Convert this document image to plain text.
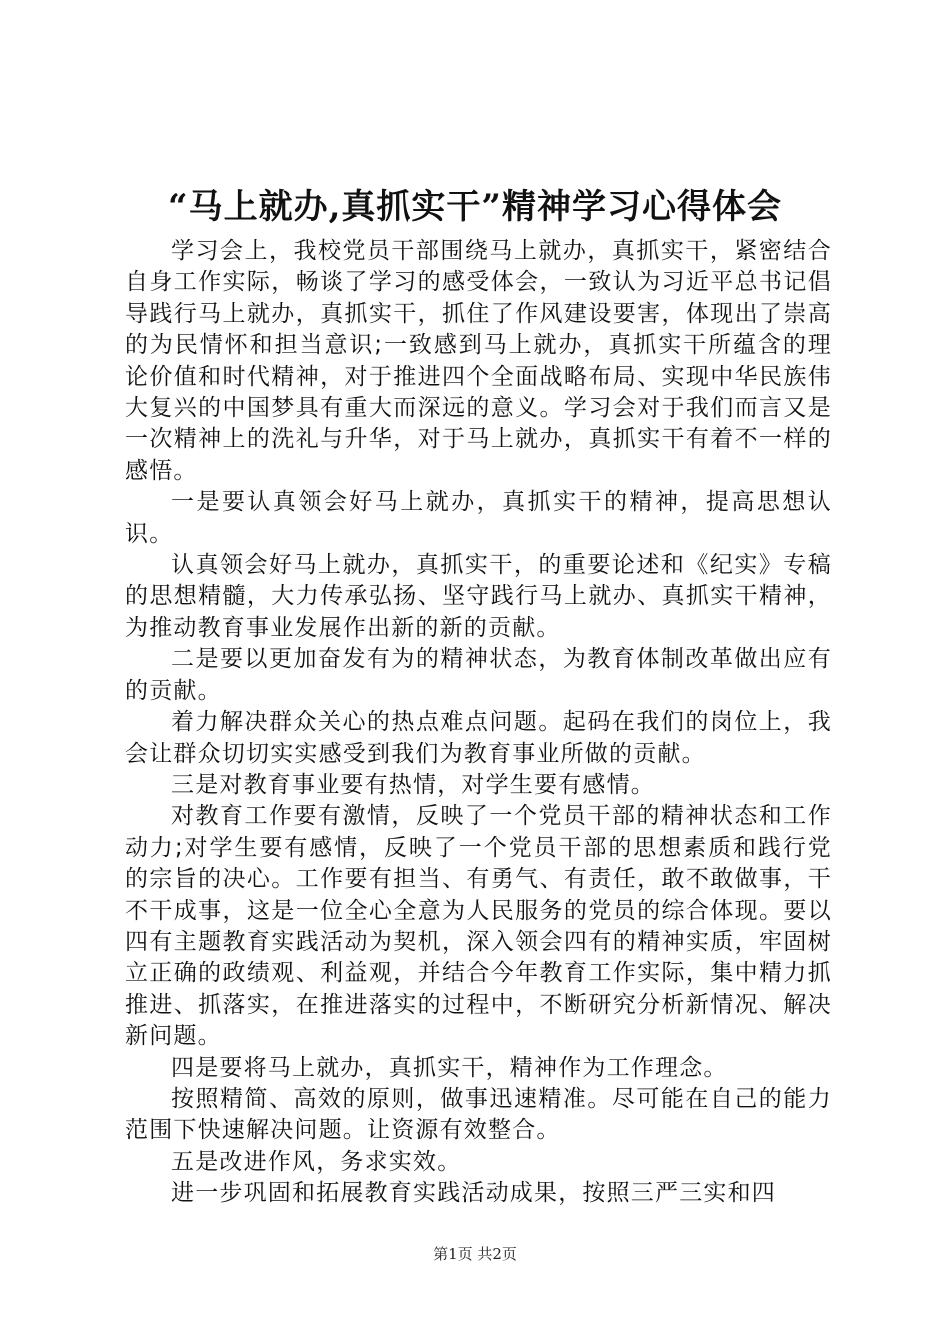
“马上就办,真抓实干”精神学习心得体会

学习会上，我校党员干部围绕马上就办，真抓实干，紧密结合自身工作实际，畅谈了学习的感受体会，一致认为习近平总书记倡导践行马上就办，真抓实干，抓住了作风建设要害，体现出了崇高的为民情怀和担当意识;一致感到马上就办，真抓实干所蕴含的理论价值和时代精神，对于推进四个全面战略布局、实现中华民族伟大复兴的中国梦具有重大而深远的意义。学习会对于我们而言又是一次精神上的洗礼与升华，对于马上就办，真抓实干有着不一样的感悟。

一是要认真领会好马上就办，真抓实干的精神，提高思想认识。

认真领会好马上就办，真抓实干，的重要论述和《纪实》专稿的思想精髓，大力传承弘扬、坚守践行马上就办、真抓实干精神，为推动教育事业发展作出新的新的贡献。

二是要以更加奋发有为的精神状态，为教育体制改革做出应有的贡献。

着力解决群众关心的热点难点问题。起码在我们的岗位上，我会让群众切切实实感受到我们为教育事业所做的贡献。

三是对教育事业要有热情，对学生要有感情。

对教育工作要有激情，反映了一个党员干部的精神状态和工作动力;对学生要有感情，反映了一个党员干部的思想素质和践行党的宗旨的决心。工作要有担当、有勇气、有责任，敢不敢做事，干不干成事，这是一位全心全意为人民服务的党员的综合体现。要以四有主题教育实践活动为契机，深入领会四有的精神实质，牢固树立正确的政绩观、利益观，并结合今年教育工作实际，集中精力抓推进、抓落实，在推进落实的过程中，不断研究分析新情况、解决新问题。

四是要将马上就办，真抓实干，精神作为工作理念。

按照精简、高效的原则，做事迅速精准。尽可能在自己的能力范围下快速解决问题。让资源有效整合。

五是改进作风，务求实效。

进一步巩固和拓展教育实践活动成果，按照三严三实和四

第1页 共2页
